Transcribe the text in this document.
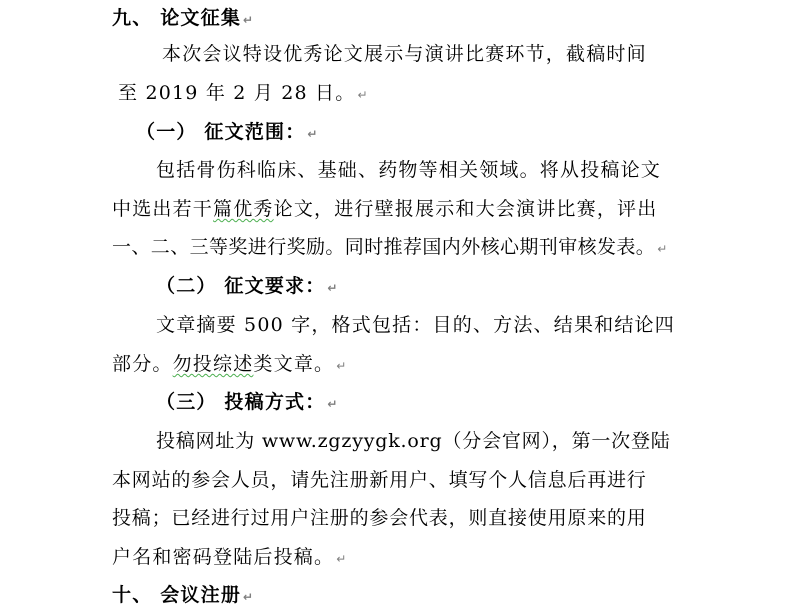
九、 论文征集 ↵
本次会议特设优秀论文展示与演讲比赛环节，截稿时间
至 2019 年 2 月 28 日。 ↵
（一） 征文范围： ↵
包括骨伤科临床、基础、药物等相关领域。将从投稿论文
中选出若干篇优秀论文，进行壁报展示和大会演讲比赛，评出
一、二、三等奖进行奖励。同时推荐国内外核心期刊审核发表。 ↵
（二） 征文要求： ↵
文章摘要 500 字，格式包括：目的、方法、结果和结论四
部分。勿投综述类文章。 ↵
（三） 投稿方式： ↵
投稿网址为 www.zgzyygk.org（分会官网），第一次登陆
本网站的参会人员，请先注册新用户、填写个人信息后再进行
投稿；已经进行过用户注册的参会代表，则直接使用原来的用
户名和密码登陆后投稿。 ↵
十、 会议注册 ↵
